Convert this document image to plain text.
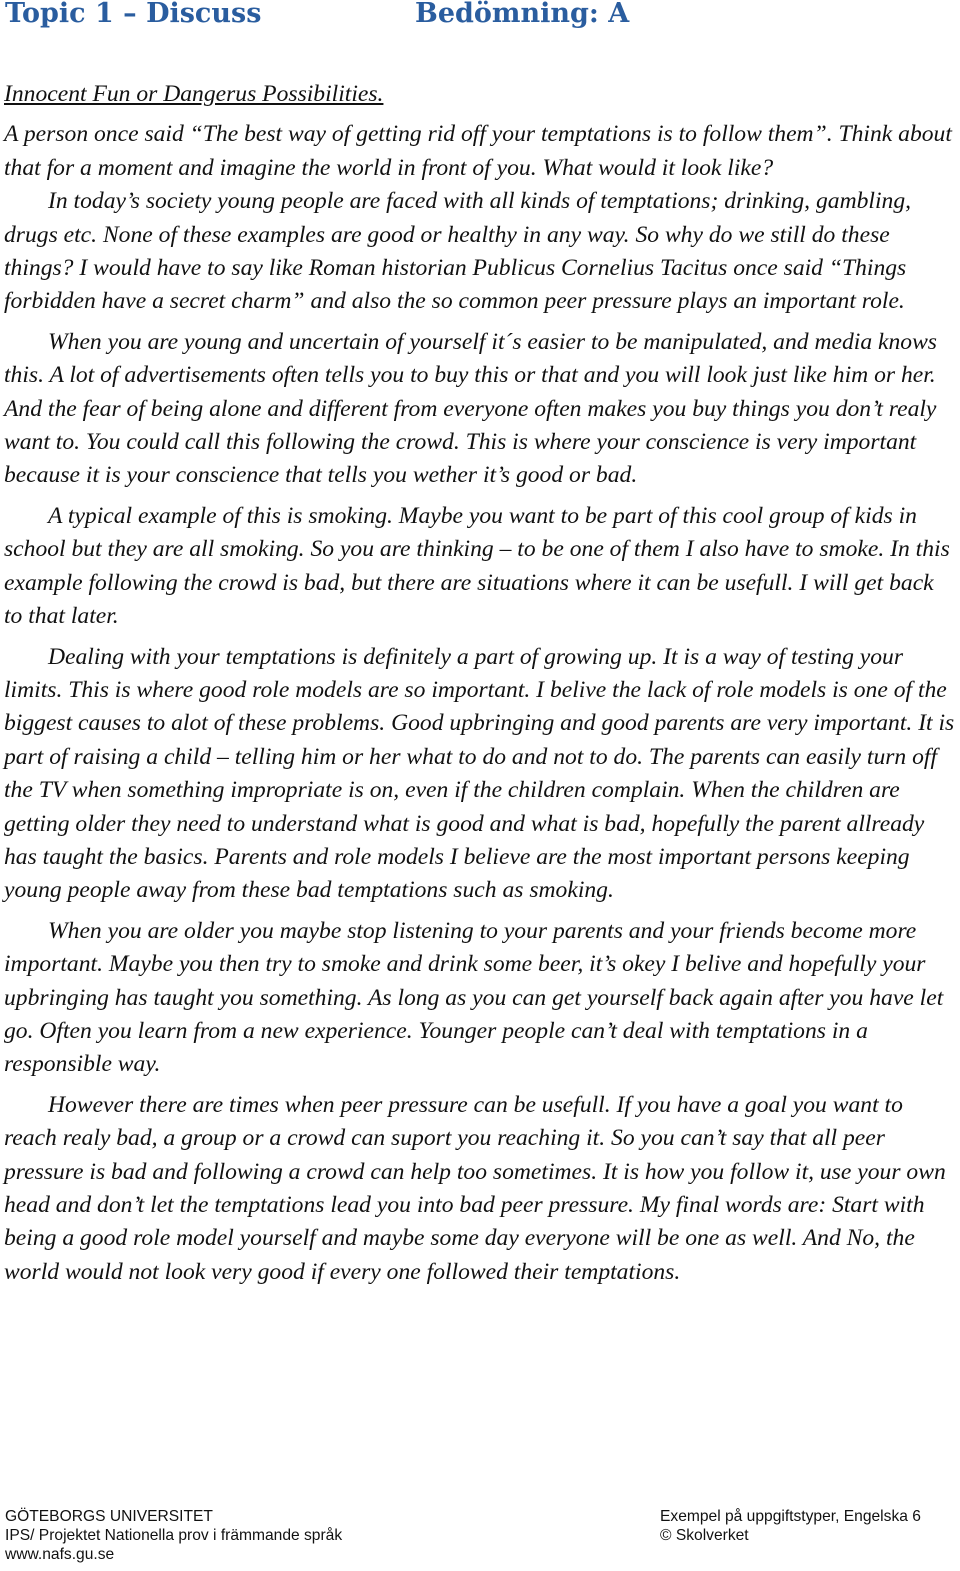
Topic 1 – Discuss	Bedömning: A

Innocent Fun or Dangerus Possibilities.

A person once said “The best way of getting rid off your temptations is to follow them”. Think about that for a moment and imagine the world in front of you. What would it look like?

In today’s society young people are faced with all kinds of temptations; drinking, gambling, drugs etc. None of these examples are good or healthy in any way. So why do we still do these things? I would have to say like Roman historian Publicus Cornelius Tacitus once said “Things forbidden have a secret charm” and also the so common peer pressure plays an important role.

When you are young and uncertain of yourself it´s easier to be manipulated, and media knows this. A lot of advertisements often tells you to buy this or that and you will look just like him or her. And the fear of being alone and different from everyone often makes you buy things you don’t realy want to. You could call this following the crowd. This is where your conscience is very important because it is your conscience that tells you wether it’s good or bad.

A typical example of this is smoking. Maybe you want to be part of this cool group of kids in school but they are all smoking. So you are thinking – to be one of them I also have to smoke. In this example following the crowd is bad, but there are situations where it can be usefull. I will get back to that later.

Dealing with your temptations is definitely a part of growing up. It is a way of testing your limits. This is where good role models are so important. I belive the lack of role models is one of the biggest causes to alot of these problems. Good upbringing and good parents are very important. It is part of raising a child – telling him or her what to do and not to do. The parents can easily turn off the TV when something impropriate is on, even if the children complain. When the children are getting older they need to understand what is good and what is bad, hopefully the parent allready has taught the basics. Parents and role models I believe are the most important persons keeping young people away from these bad temptations such as smoking.

When you are older you maybe stop listening to your parents and your friends become more important. Maybe you then try to smoke and drink some beer, it’s okey I belive and hopefully your upbringing has taught you something. As long as you can get yourself back again after you have let go. Often you learn from a new experience. Younger people can’t deal with temptations in a responsible way.

However there are times when peer pressure can be usefull. If you have a goal you want to reach realy bad, a group or a crowd can suport you reaching it. So you can’t say that all peer pressure is bad and following a crowd can help too sometimes. It is how you follow it, use your own head and don’t let the temptations lead you into bad peer pressure. My final words are: Start with being a good role model yourself and maybe some day everyone will be one as well. And No, the world would not look very good if every one followed their temptations.

GÖTEBORGS UNIVERSITET
IPS/ Projektet Nationella prov i främmande språk
www.nafs.gu.se
Exempel på uppgiftstyper, Engelska 6
© Skolverket
